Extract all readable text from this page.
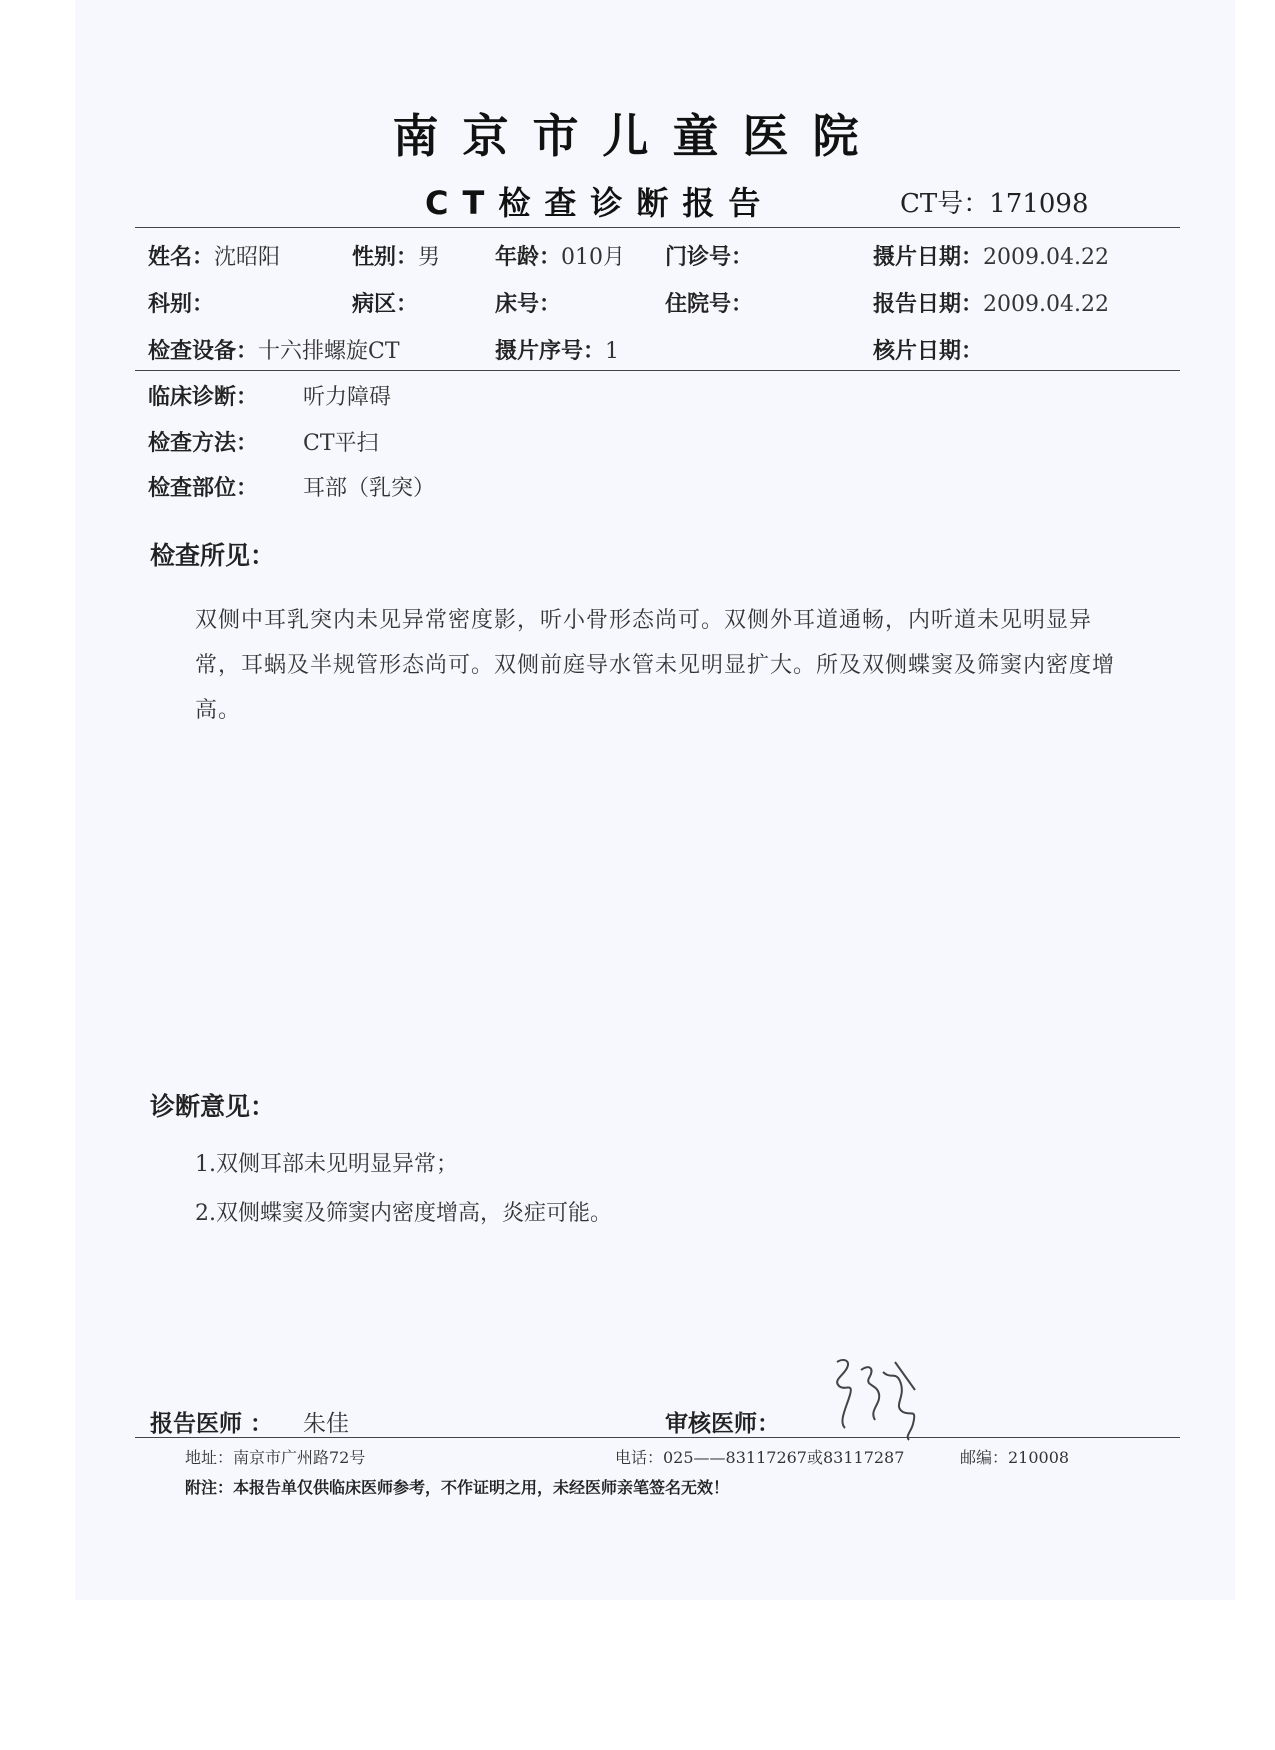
南京市儿童医院
CT检查诊断报告	CT号：171098
姓名：沈昭阳	性别：男 年龄：010月 门诊号：	摄片日期：2009.04.22
科别：	病区：	床号：	住院号：	报告日期：2009.04.22
检查设备：十六排螺旋CT	摄片序号：1	核片日期：
临床诊断： 听力障碍
检查方法： CT平扫
检查部位： 耳部（乳突）
检查所见：
双侧中耳乳突内未见异常密度影，听小骨形态尚可。双侧外耳道通畅，内听道未见明显异常，耳蜗及半规管形态尚可。双侧前庭导水管未见明显扩大。所及双侧蝶窦及筛窦内密度增高。
诊断意见：
1.双侧耳部未见明显异常；
2.双侧蝶窦及筛窦内密度增高，炎症可能。
报告医师 ： 朱佳	审核医师：
地址：南京市广州路72号	电话：025——83117267或83117287	邮编：210008
附注：本报告单仅供临床医师参考，不作证明之用，未经医师亲笔签名无效！
